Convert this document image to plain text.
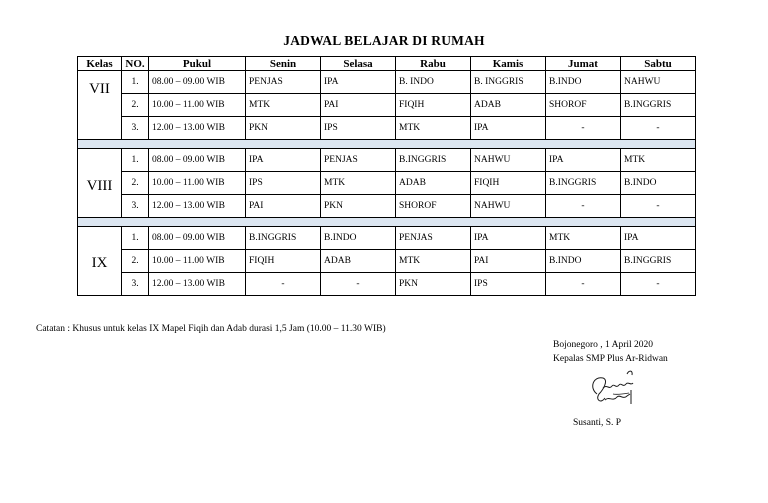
JADWAL BELAJAR DI RUMAH
Kelas	NO.	Pukul	Senin	Selasa	Rabu	Kamis	Jumat	Sabtu

VII	1.	08.00 – 09.00 WIB	PENJAS	IPA	B. INDO	B. INGGRIS	B.INDO	NAHWU
	2.	10.00 – 11.00 WIB	MTK	PAI	FIQIH	ADAB	SHOROF	B.INGGRIS
	3.	12.00 – 13.00 WIB	PKN	IPS	MTK	IPA	-	-

VIII	1.	08.00 – 09.00 WIB	IPA	PENJAS	B.INGGRIS	NAHWU	IPA	MTK
	2.	10.00 – 11.00 WIB	IPS	MTK	ADAB	FIQIH	B.INGGRIS	B.INDO
	3.	12.00 – 13.00 WIB	PAI	PKN	SHOROF	NAHWU	-	-

IX	1.	08.00 – 09.00 WIB	B.INGGRIS	B.INDO	PENJAS	IPA	MTK	IPA
	2.	10.00 – 11.00 WIB	FIQIH	ADAB	MTK	PAI	B.INDO	B.INGGRIS
	3.	12.00 – 13.00 WIB	-	-	PKN	IPS	-	-
Catatan : Khusus untuk kelas IX Mapel Fiqih dan Adab durasi 1,5 Jam (10.00 – 11.30 WIB)
Bojonegoro , 1 April 2020
Kepalas SMP Plus Ar-Ridwan
Susanti, S. P
